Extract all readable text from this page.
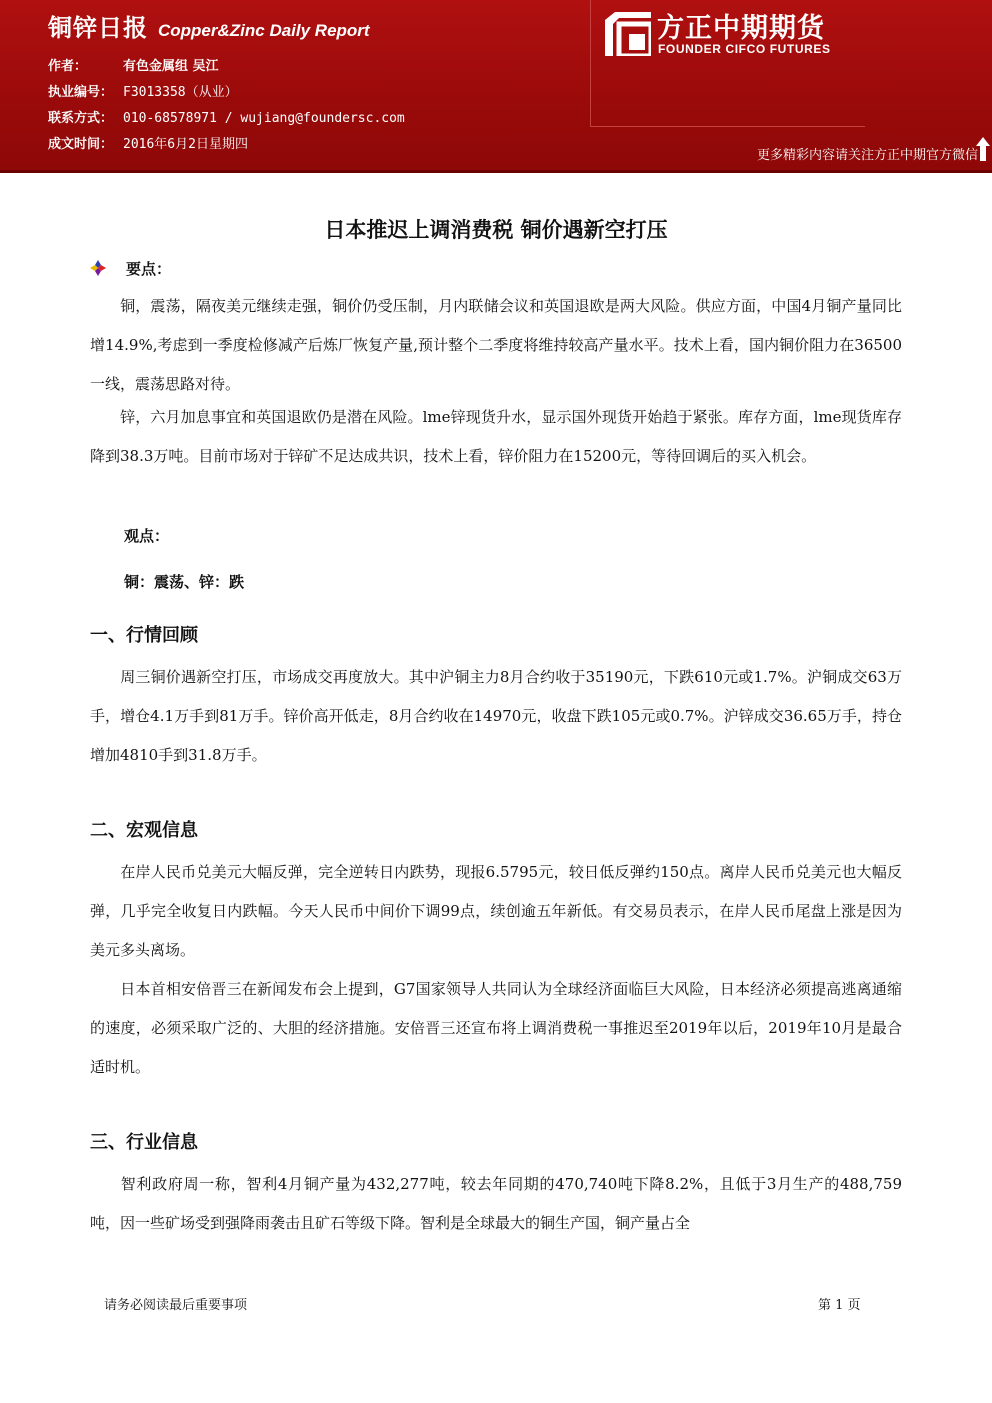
铜锌日报 Copper&Zinc Daily Report
作者：	有色金属组 吴江
执业编号： F3013358（从业）
联系方式： 010-68578971 / wujiang@foundersc.com
成文时间： 2016年6月2日星期四
方正中期期货
FOUNDER CIFCO FUTURES
更多精彩内容请关注方正中期官方微信
日本推迟上调消费税 铜价遇新空打压
要点：
铜，震荡，隔夜美元继续走强，铜价仍受压制，月内联储会议和英国退欧是两大风险。供应方面，中国4月铜产量同比增14.9%,考虑到一季度检修减产后炼厂恢复产量,预计整个二季度将维持较高产量水平。技术上看，国内铜价阻力在36500一线，震荡思路对待。
锌，六月加息事宜和英国退欧仍是潜在风险。lme锌现货升水，显示国外现货开始趋于紧张。库存方面，lme现货库存降到38.3万吨。目前市场对于锌矿不足达成共识，技术上看，锌价阻力在15200元，等待回调后的买入机会。
观点：
铜：震荡、锌：跌
一、行情回顾
周三铜价遇新空打压，市场成交再度放大。其中沪铜主力8月合约收于35190元，下跌610元或1.7%。沪铜成交63万手，增仓4.1万手到81万手。锌价高开低走，8月合约收在14970元，收盘下跌105元或0.7%。沪锌成交36.65万手，持仓增加4810手到31.8万手。
二、宏观信息
在岸人民币兑美元大幅反弹，完全逆转日内跌势，现报6.5795元，较日低反弹约150点。离岸人民币兑美元也大幅反弹，几乎完全收复日内跌幅。今天人民币中间价下调99点，续创逾五年新低。有交易员表示，在岸人民币尾盘上涨是因为美元多头离场。
日本首相安倍晋三在新闻发布会上提到，G7国家领导人共同认为全球经济面临巨大风险，日本经济必须提高逃离通缩的速度，必须采取广泛的、大胆的经济措施。安倍晋三还宣布将上调消费税一事推迟至2019年以后，2019年10月是最合适时机。
三、行业信息
智利政府周一称，智利4月铜产量为432,277吨，较去年同期的470,740吨下降8.2%，且低于3月生产的488,759吨，因一些矿场受到强降雨袭击且矿石等级下降。智利是全球最大的铜生产国，铜产量占全
请务必阅读最后重要事项	第 1 页
